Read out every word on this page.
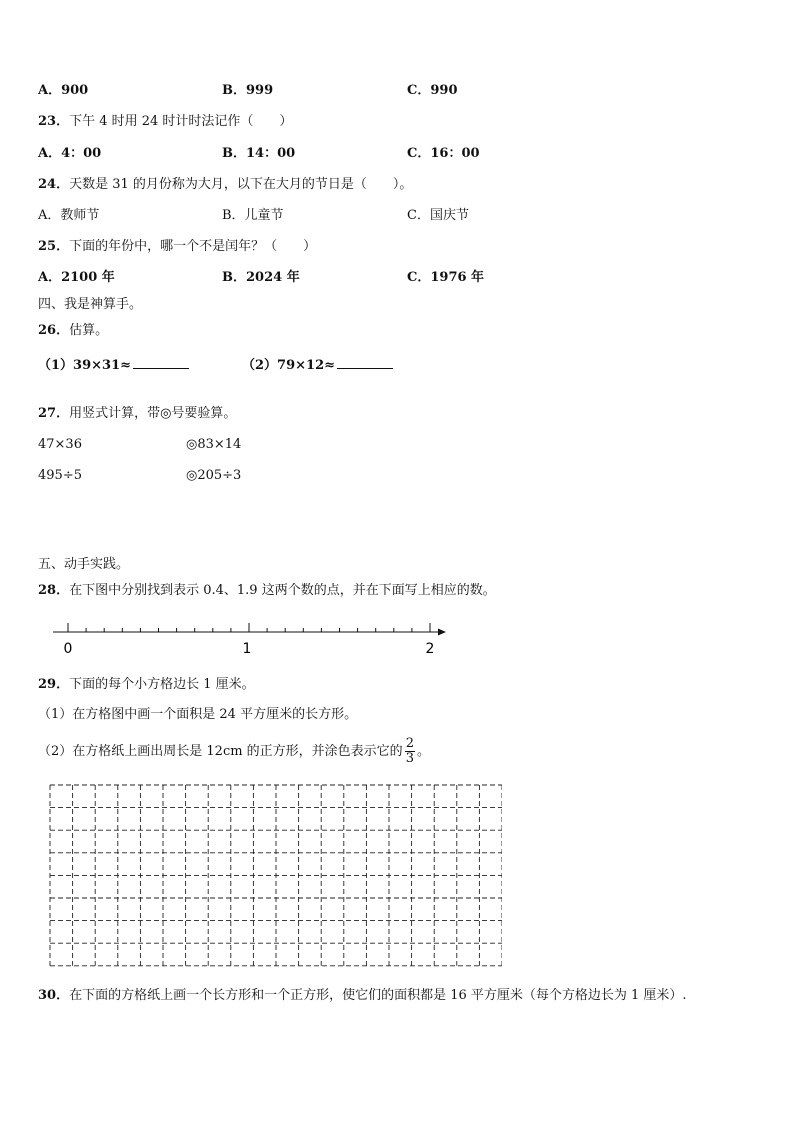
A．900	B．999	C．990
23．下午 4 时用 24 时计时法记作（　　）
A．4：00	B．14：00	C．16：00
24．天数是 31 的月份称为大月，以下在大月的节日是（　　）。
A．教师节	B．儿童节	C．国庆节
25．下面的年份中，哪一个不是闰年？（　　）
A．2100 年	B．2024 年	C．1976 年
四、我是神算手。
26．估算。
（1）39×31≈	（2）79×12≈
27．用竖式计算，带◎号要验算。
47×36	◎83×14
495÷5	◎205÷3
五、动手实践。
28．在下图中分别找到表示 0.4、1.9 这两个数的点，并在下面写上相应的数。
0	1	2
29．下面的每个小方格边长 1 厘米。
（1）在方格图中画一个面积是 24 平方厘米的长方形。
（2）在方格纸上画出周长是 12cm 的正方形，并涂色表示它的 $\frac{2}{3}$ 。
30．在下面的方格纸上画一个长方形和一个正方形，使它们的面积都是 16 平方厘米（每个方格边长为 1 厘米）.
